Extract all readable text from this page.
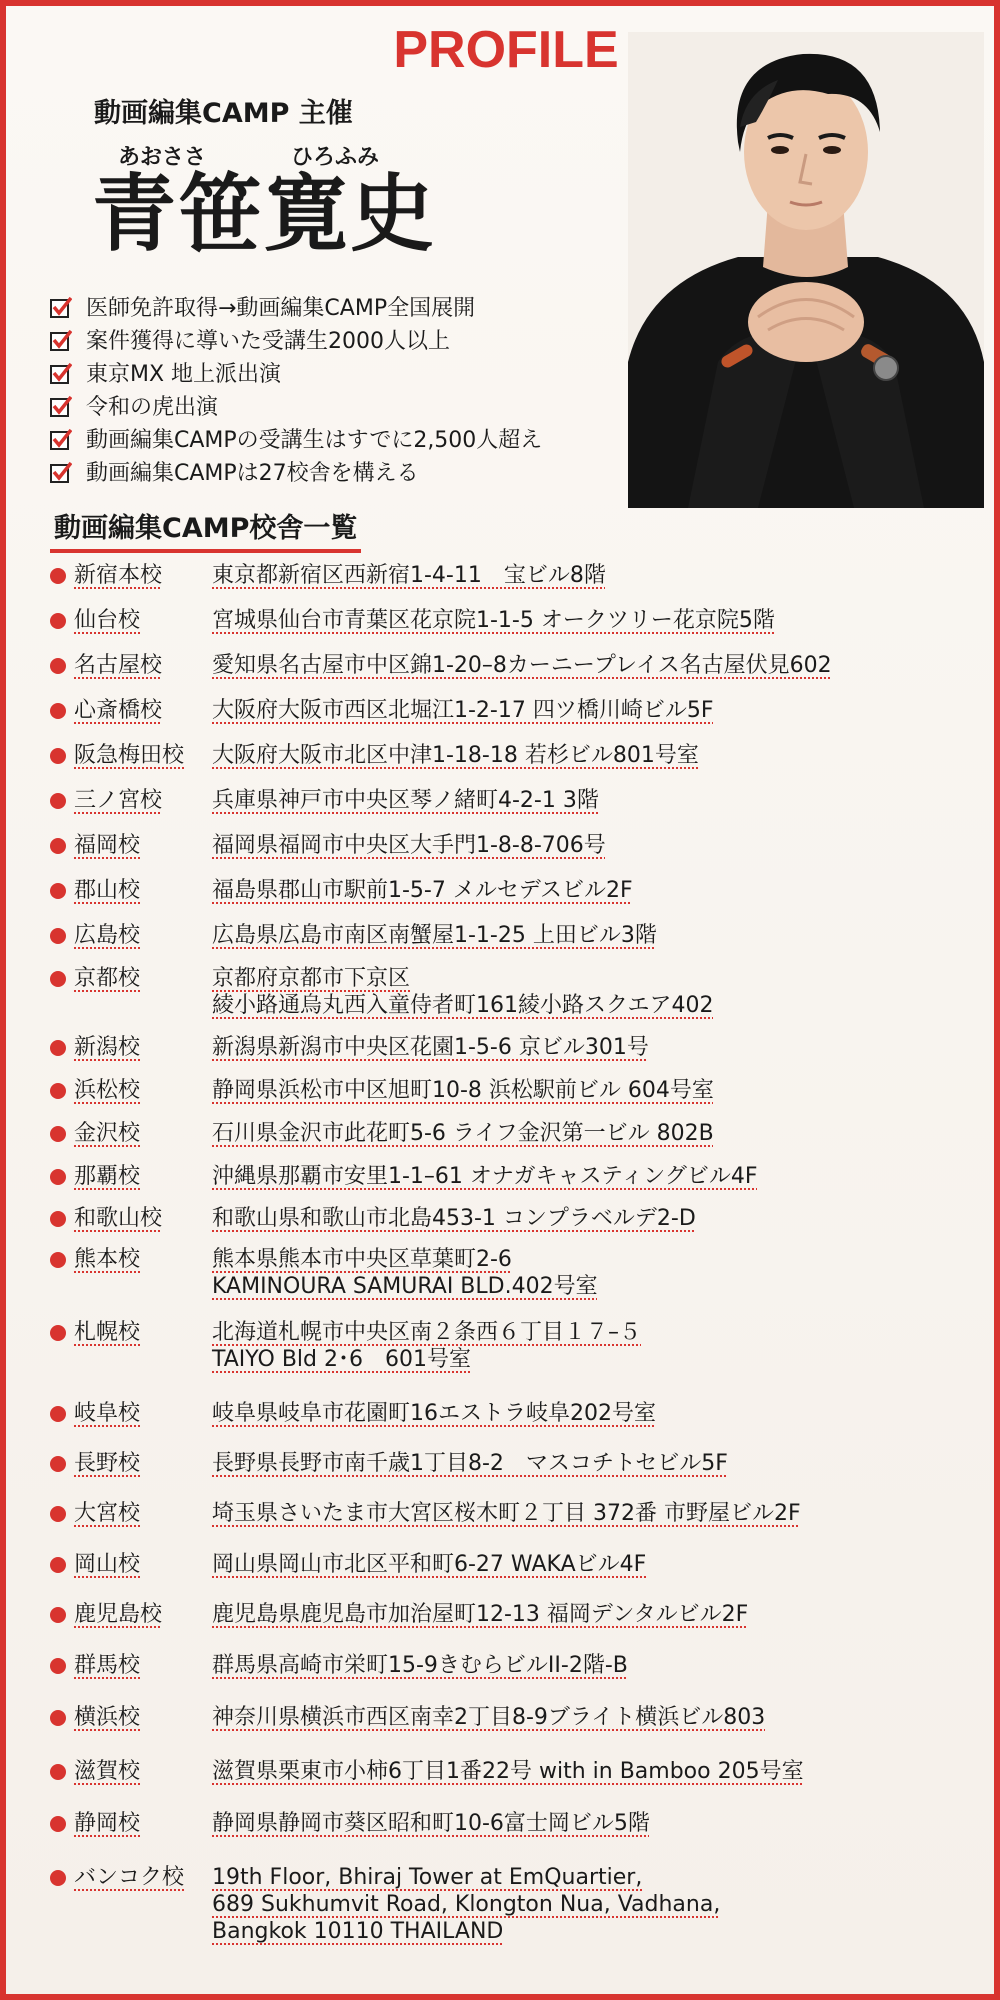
PROFILE
動画編集CAMP 主催
あおささ	ひろふみ
青笹寛史
医師免許取得→動画編集CAMP全国展開
案件獲得に導いた受講生2000人以上
東京MX 地上派出演
令和の虎出演
動画編集CAMPの受講生はすでに2,500人超え
動画編集CAMPは27校舎を構える
動画編集CAMP校舎一覧
新宿本校	東京都新宿区西新宿1-4-11　宝ビル8階
仙台校	宮城県仙台市青葉区花京院1-1-5 オークツリー花京院5階
名古屋校	愛知県名古屋市中区錦1-20–8カーニープレイス名古屋伏見602
心斎橋校	大阪府大阪市西区北堀江1-2-17 四ツ橋川崎ビル5F
阪急梅田校	大阪府大阪市北区中津1-18-18 若杉ビル801号室
三ノ宮校	兵庫県神戸市中央区琴ノ緒町4-2-1 3階
福岡校	福岡県福岡市中央区大手門1-8-8-706号
郡山校	福島県郡山市駅前1-5-7 メルセデスビル2F
広島校	広島県広島市南区南蟹屋1-1-25 上田ビル3階
京都校	京都府京都市下京区
綾小路通烏丸西入童侍者町161綾小路スクエア402
新潟校	新潟県新潟市中央区花園1-5-6 京ビル301号
浜松校	静岡県浜松市中区旭町10-8 浜松駅前ビル 604号室
金沢校	石川県金沢市此花町5-6 ライフ金沢第一ビル 802B
那覇校	沖縄県那覇市安里1-1–61 オナガキャスティングビル4F
和歌山校	和歌山県和歌山市北島453-1 コンプラベルデ2-D
熊本校	熊本県熊本市中央区草葉町2-6
KAMINOURA SAMURAI BLD.402号室
札幌校	北海道札幌市中央区南２条西６丁目１７–５
TAIYO Bld 2･6　601号室
岐阜校	岐阜県岐阜市花園町16エストラ岐阜202号室
長野校	長野県長野市南千歳1丁目8-2　マスコチトセビル5F
大宮校	埼玉県さいたま市大宮区桜木町２丁目 372番 市野屋ビル2F
岡山校	岡山県岡山市北区平和町6-27 WAKAビル4F
鹿児島校	鹿児島県鹿児島市加治屋町12-13 福岡デンタルビル2F
群馬校	群馬県高崎市栄町15-9きむらビルII-2階-B
横浜校	神奈川県横浜市西区南幸2丁目8-9ブライト横浜ビル803
滋賀校	滋賀県栗東市小柿6丁目1番22号 with in Bamboo 205号室
静岡校	静岡県静岡市葵区昭和町10-6富士岡ビル5階
バンコク校	19th Floor, Bhiraj Tower at EmQuartier,
689 Sukhumvit Road, Klongton Nua, Vadhana,
Bangkok 10110 THAILAND
